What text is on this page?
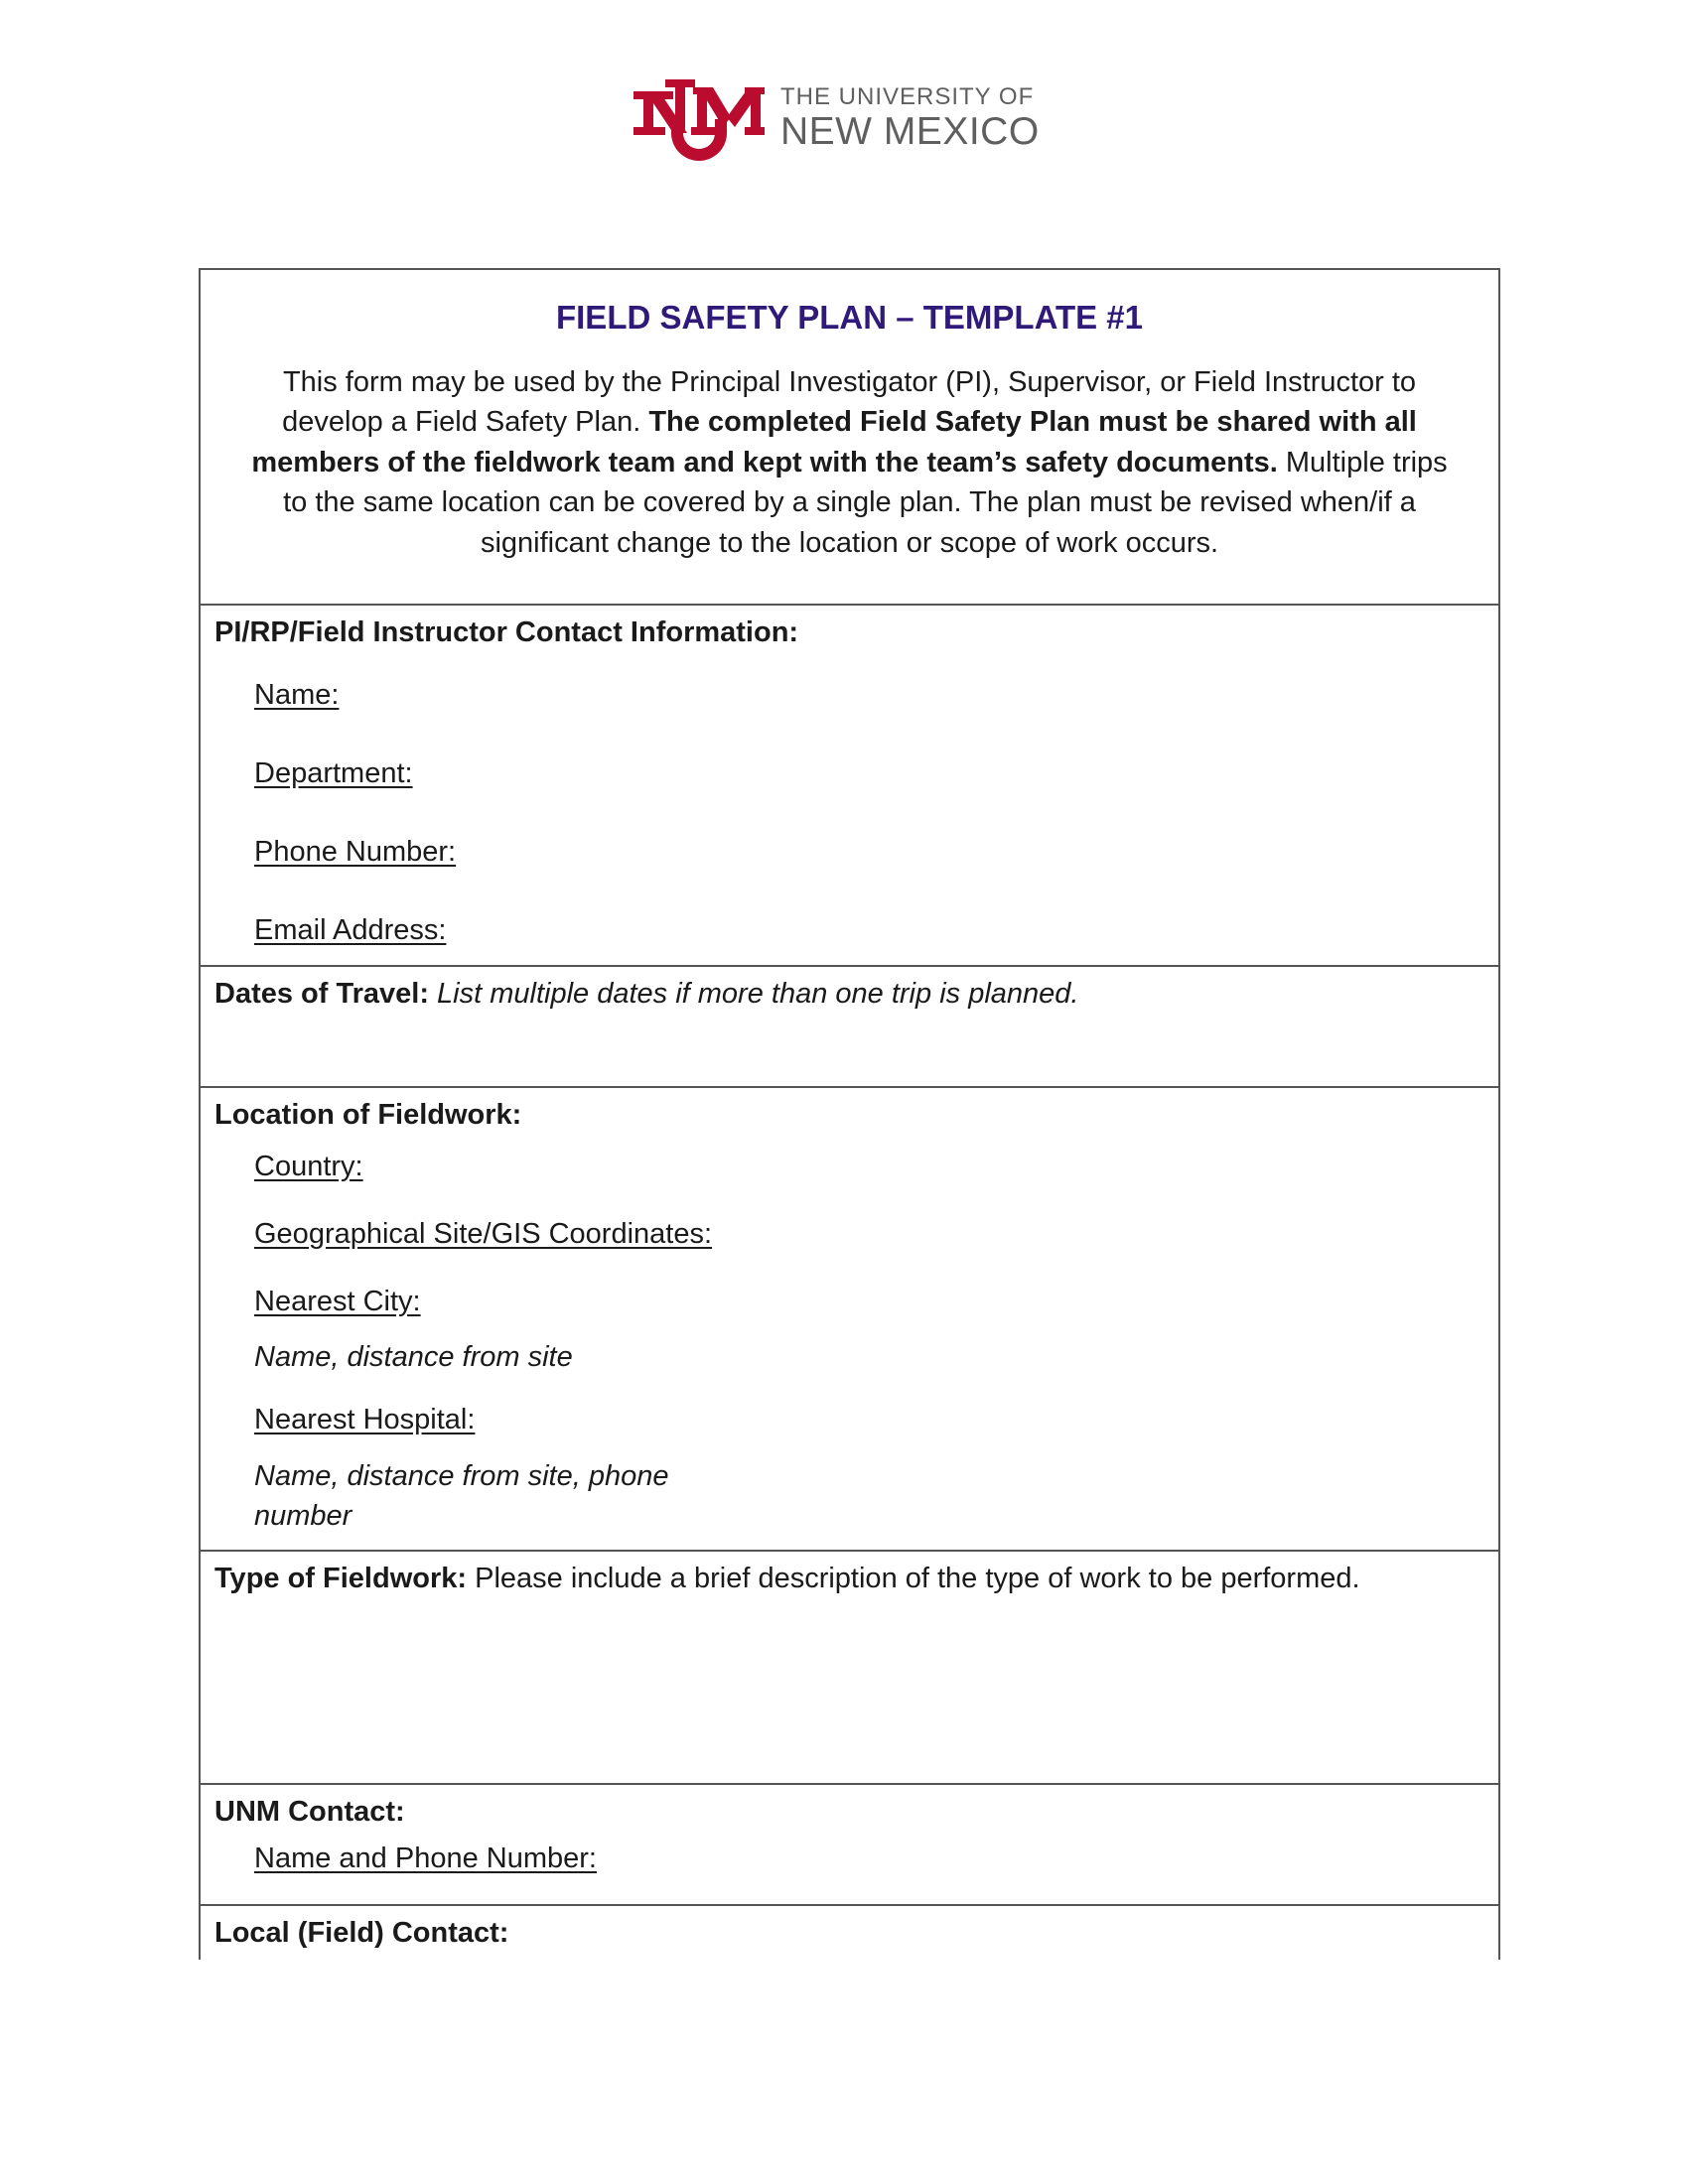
THE UNIVERSITY OF
NEW MEXICO
FIELD SAFETY PLAN – TEMPLATE #1
This form may be used by the Principal Investigator (PI), Supervisor, or Field Instructor to develop a Field Safety Plan. The completed Field Safety Plan must be shared with all members of the fieldwork team and kept with the team’s safety documents. Multiple trips to the same location can be covered by a single plan. The plan must be revised when/if a significant change to the location or scope of work occurs.
PI/RP/Field Instructor Contact Information:
Name:
Department:
Phone Number:
Email Address:
Dates of Travel: List multiple dates if more than one trip is planned.
Location of Fieldwork:
Country:
Geographical Site/GIS Coordinates:
Nearest City:
Name, distance from site
Nearest Hospital:
Name, distance from site, phone
number
Type of Fieldwork: Please include a brief description of the type of work to be performed.
UNM Contact:
Name and Phone Number:
Local (Field) Contact:
